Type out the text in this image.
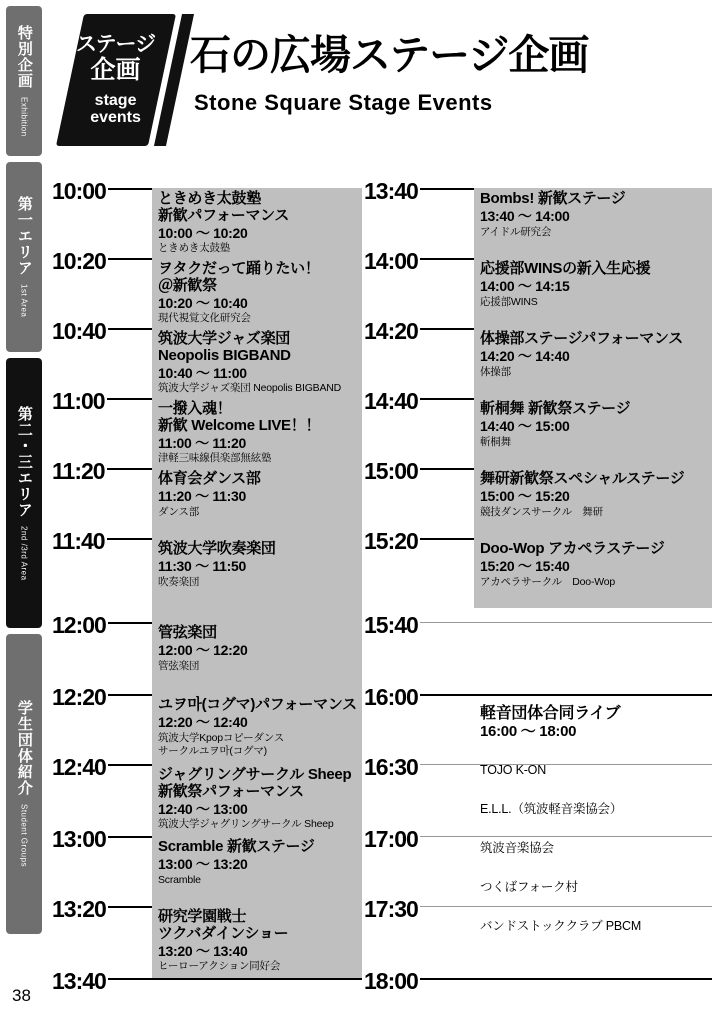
特別企画
Exhibition
第一エリア
1st Area
第二・三エリア
2nd /3rd Area
学生団体紹介
Student Groups
38
ステージ
企画
stage
events
石の広場ステージ企画
Stone Square Stage Events
10:00
10:20
10:40
11:00
11:20
11:40
12:00
12:20
12:40
13:00
13:20
13:40
ときめき太鼓塾
新歓パフォーマンス
10:00 ～ 10:20
ときめき太鼓塾
ヲタクだって踊りたい！
＠新歓祭
10:20 ～ 10:40
現代視覚文化研究会
筑波大学ジャズ楽団
Neopolis BIGBAND
10:40 ～ 11:00
筑波大学ジャズ楽団 Neopolis BIGBAND
一撥入魂！
新歓 Welcome LIVE！！
11:00 ～ 11:20
津軽三味線倶楽部無絃塾
体育会ダンス部
11:20 ～ 11:30
ダンス部
筑波大学吹奏楽団
11:30 ～ 11:50
吹奏楽団
管弦楽団
12:00 ～ 12:20
管弦楽団
ユヲ마(コグマ)パフォーマンス
12:20 ～ 12:40
筑波大学Kpopコピーダンス
サークルユヲ마(コグマ)
ジャグリングサークル Sheep
新歓祭パフォーマンス
12:40 ～ 13:00
筑波大学ジャグリングサークル Sheep
Scramble 新歓ステージ
13:00 ～ 13:20
Scramble
研究学園戦士
ツクバダインショー
13:20 ～ 13:40
ヒーローアクション同好会
13:40
14:00
14:20
14:40
15:00
15:20
15:40
16:00
16:30
17:00
17:30
18:00
Bombs! 新歓ステージ
13:40 ～ 14:00
アイドル研究会
応援部WINSの新入生応援
14:00 ～ 14:15
応援部WINS
体操部ステージパフォーマンス
14:20 ～ 14:40
体操部
斬桐舞 新歓祭ステージ
14:40 ～ 15:00
斬桐舞
舞研新歓祭スペシャルステージ
15:00 ～ 15:20
競技ダンスサークル　舞研
Doo-Wop アカペラステージ
15:20 ～ 15:40
アカペラサークル　Doo-Wop
軽音団体合同ライブ
16:00 ～ 18:00
TOJO K-ON
E.L.L.（筑波軽音楽協会）
筑波音楽協会
つくばフォーク村
バンドストッククラブ PBCM
